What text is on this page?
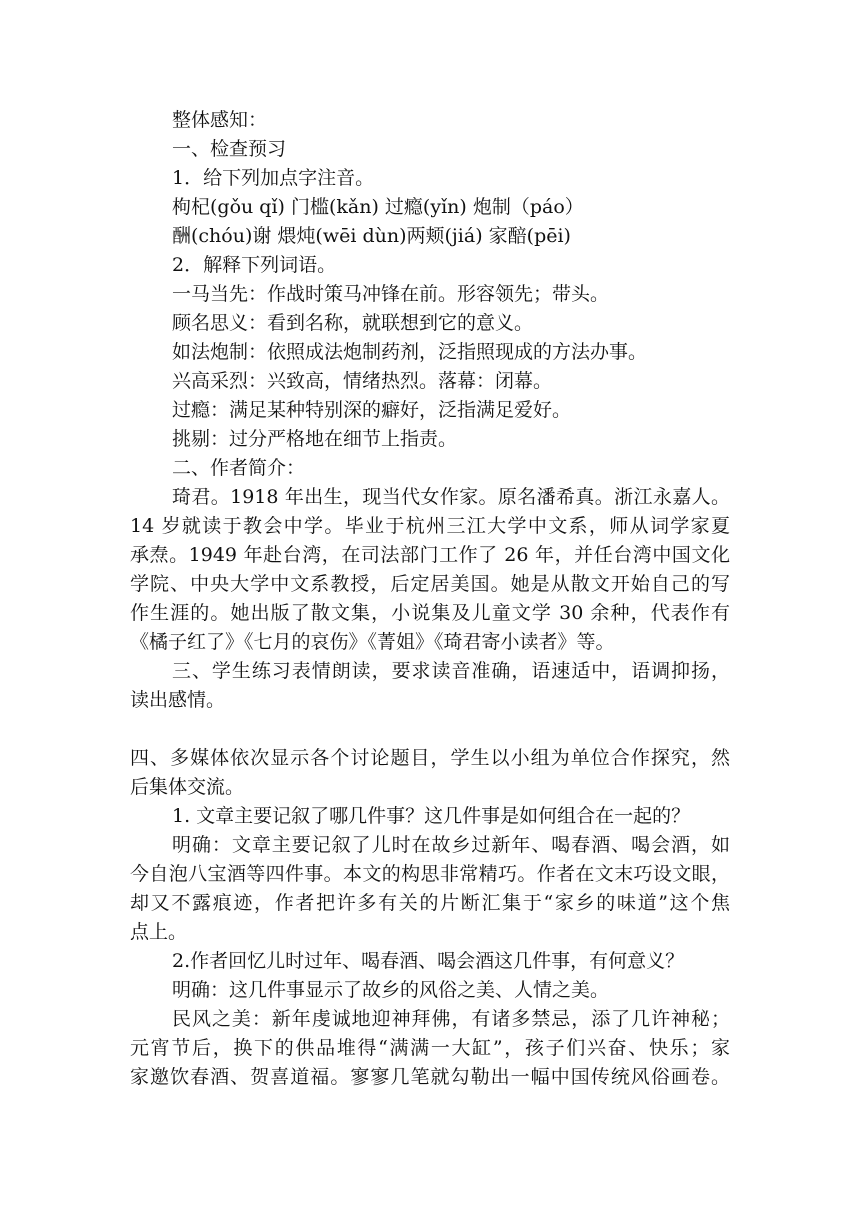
整体感知：

一、检查预习

1．给下列加点字注音。

枸杞(gǒu qǐ) 门槛(kǎn) 过瘾(yǐn) 炮制（páo）

酬(chóu)谢 煨炖(wēi dùn)两颊(jiá) 家醅(pēi)

2．解释下列词语。

一马当先：作战时策马冲锋在前。形容领先；带头。

顾名思义：看到名称，就联想到它的意义。

如法炮制：依照成法炮制药剂，泛指照现成的方法办事。

兴高采烈：兴致高，情绪热烈。落幕：闭幕。

过瘾：满足某种特别深的癖好，泛指满足爱好。

挑剔：过分严格地在细节上指责。

二、作者简介：

琦君。1918 年出生，现当代女作家。原名潘希真。浙江永嘉人。

14 岁就读于教会中学。毕业于杭州三江大学中文系，师从词学家夏

承焘。1949 年赴台湾，在司法部门工作了 26 年，并任台湾中国文化

学院、中央大学中文系教授，后定居美国。她是从散文开始自己的写

作生涯的。她出版了散文集，小说集及儿童文学 30 余种，代表作有

《橘子红了》《七月的哀伤》《菁姐》《琦君寄小读者》等。

三、学生练习表情朗读，要求读音准确，语速适中，语调抑扬，

读出感情。

四、多媒体依次显示各个讨论题目，学生以小组为单位合作探究，然

后集体交流。

1. 文章主要记叙了哪几件事？这几件事是如何组合在一起的？

明确：文章主要记叙了儿时在故乡过新年、喝春酒、喝会酒，如

今自泡八宝酒等四件事。本文的构思非常精巧。作者在文末巧设文眼，

却又不露痕迹，作者把许多有关的片断汇集于“家乡的味道”这个焦

点上。

2.作者回忆儿时过年、喝春酒、喝会酒这几件事，有何意义？

明确：这几件事显示了故乡的风俗之美、人情之美。

民风之美：新年虔诚地迎神拜佛，有诸多禁忌，添了几许神秘；

元宵节后，换下的供品堆得“满满一大缸”，孩子们兴奋、快乐；家

家邀饮春酒、贺喜道福。寥寥几笔就勾勒出一幅中国传统风俗画卷。
